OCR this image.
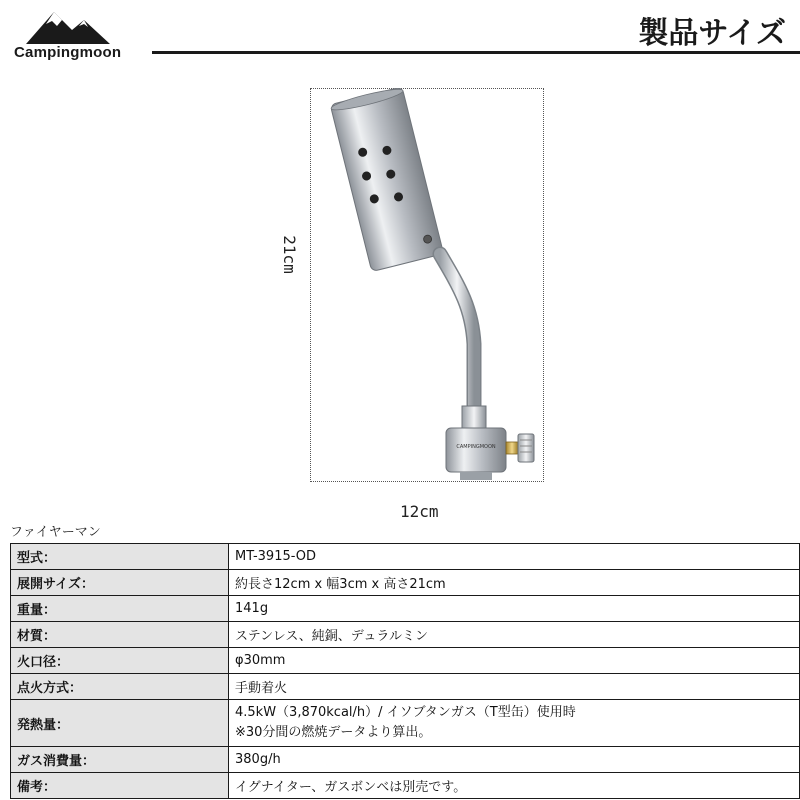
Campingmoon
製品サイズ
21cm
12cm
CAMPINGMOON
ファイヤーマン
型式：	MT-3915-OD
展開サイズ：	約長さ12cm x 幅3cm x 高さ21cm
重量：	141g
材質：	ステンレス、純銅、デュラルミン
火口径：	φ30mm
点火方式：	手動着火
発熱量：	4.5kW（3,870kcal/h）/ イソブタンガス（T型缶）使用時
※30分間の燃焼データより算出。

ガス消費量：	380g/h
備考：	イグナイター、ガスボンベは別売です。
